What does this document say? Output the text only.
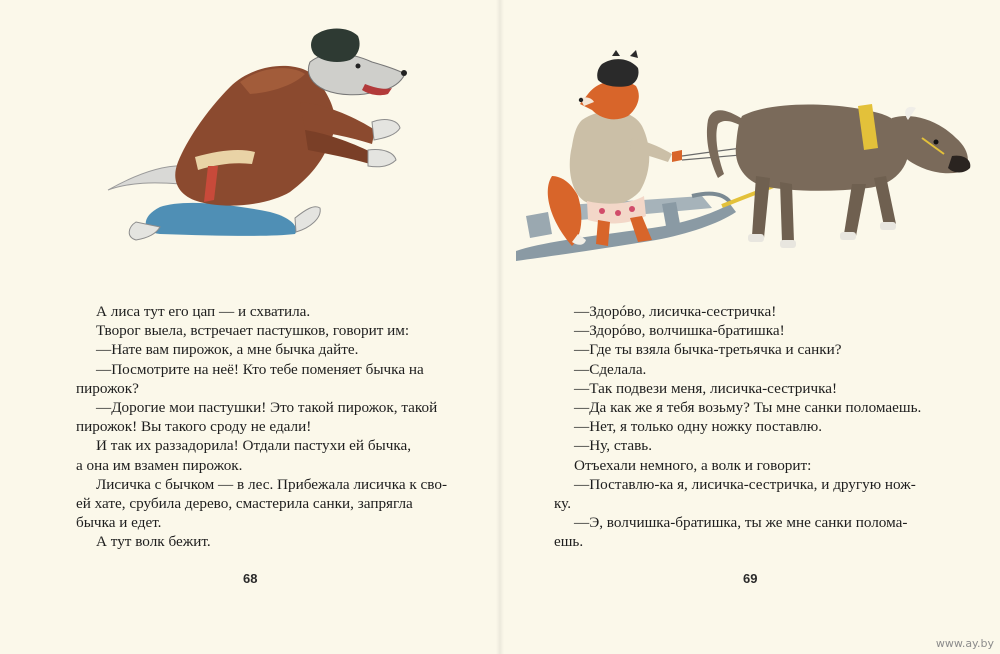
А лиса тут его цап — и схватила.
Творог выела, встречает пастушков, говорит им:
—Нате вам пирожок, а мне бычка дайте.
—Посмотрите на неё! Кто тебе поменяет бычка на
пирожок?
—Дорогие мои пастушки! Это такой пирожок, такой
пирожок! Вы такого сроду не едали!
И так их раззадорила! Отдали пастухи ей бычка,
а она им взамен пирожок.
Лисичка с бычком — в лес. Прибежала лисичка к сво-
ей хате, срубила дерево, смастерила санки, запрягла
бычка и едет.
А тут волк бежит.
68
—Здорóво, лисичка-сестричка!
—Здорóво, волчишка-братишка!
—Где ты взяла бычка-третьячка и санки?
—Сделала.
—Так подвези меня, лисичка-сестричка!
—Да как же я тебя возьму? Ты мне санки поломаешь.
—Нет, я только одну ножку поставлю.
—Ну, ставь.
Отъехали немного, а волк и говорит:
—Поставлю-ка я, лисичка-сестричка, и другую нож-
ку.
—Э, волчишка-братишка, ты же мне санки полома-
ешь.
69
www.ay.by
